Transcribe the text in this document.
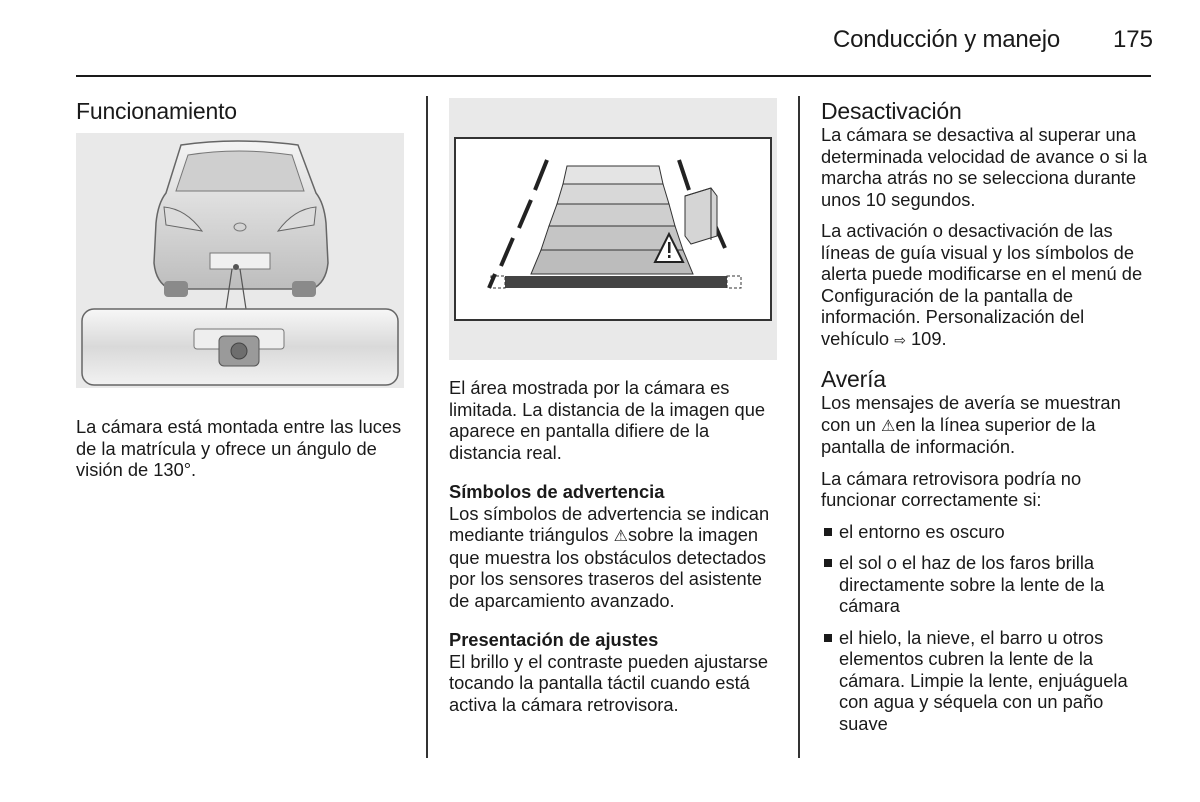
Conducción y manejo	175
Funcionamiento

La cámara está montada entre las luces de la matrícula y ofrece un ángulo de visión de 130°.

El área mostrada por la cámara es limitada. La distancia de la imagen que aparece en pantalla difiere de la distancia real.

Símbolos de advertencia

Los símbolos de advertencia se indican mediante triángulos ⚠sobre la imagen que muestra los obstáculos detectados por los sensores traseros del asistente de aparcamiento avanzado.

Presentación de ajustes

El brillo y el contraste pueden ajustarse tocando la pantalla táctil cuando está activa la cámara retrovisora.

Desactivación

La cámara se desactiva al superar una determinada velocidad de avance o si la marcha atrás no se selecciona durante unos 10 segundos.

La activación o desactivación de las líneas de guía visual y los símbolos de alerta puede modificarse en el menú de Configuración de la pantalla de información. Personalización del vehículo ⇨ 109.

Avería

Los mensajes de avería se muestran con un ⚠en la línea superior de la pantalla de información.

La cámara retrovisora podría no funcionar correctamente si:

el entorno es oscuro
el sol o el haz de los faros brilla directamente sobre la lente de la cámara
el hielo, la nieve, el barro u otros elementos cubren la lente de la cámara. Limpie la lente, enjuáguela con agua y séquela con un paño suave
